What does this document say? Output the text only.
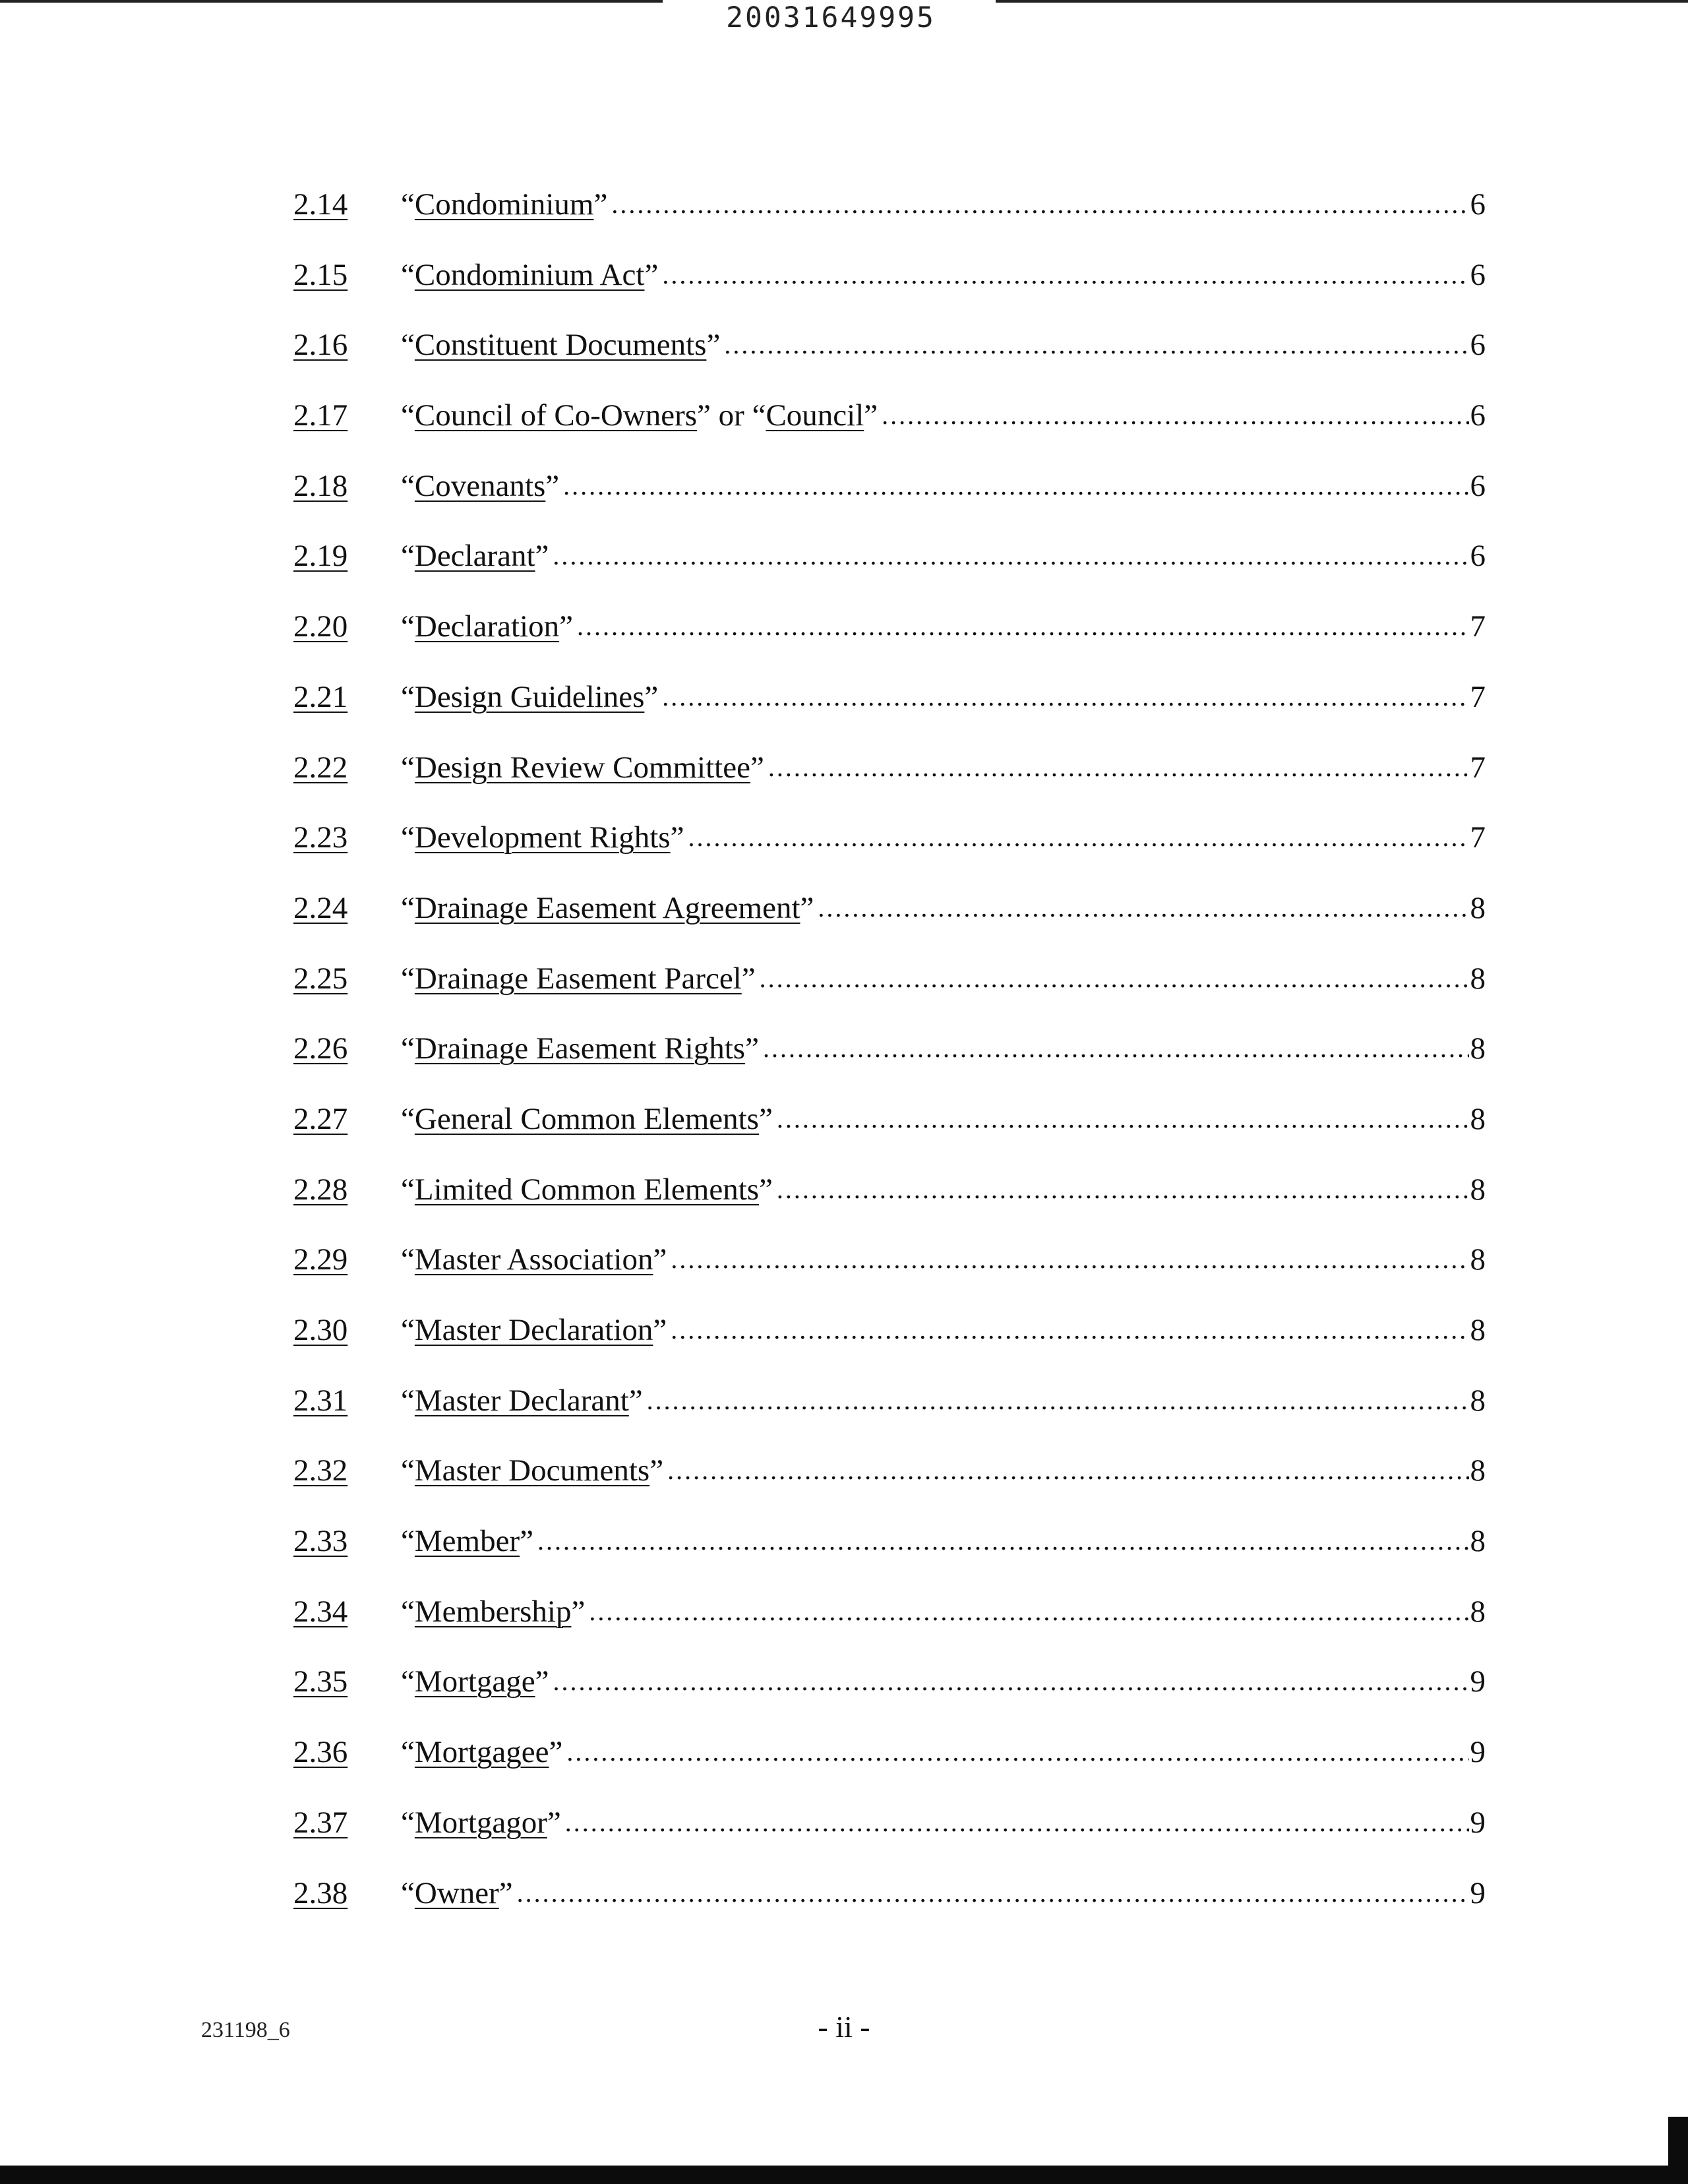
20031649995
2.14	“Condominium” .....	6
2.15	“Condominium Act” .....	6
2.16	“Constituent Documents” .....	6
2.17	“Council of Co-Owners” or “Council” .....	6
2.18	“Covenants” .....	6
2.19	“Declarant” .....	6
2.20	“Declaration” .....	7
2.21	“Design Guidelines” .....	7
2.22	“Design Review Committee” .....	7
2.23	“Development Rights” .....	7
2.24	“Drainage Easement Agreement” .....	8
2.25	“Drainage Easement Parcel” .....	8
2.26	“Drainage Easement Rights” .....	8
2.27	“General Common Elements” .....	8
2.28	“Limited Common Elements” .....	8
2.29	“Master Association” .....	8
2.30	“Master Declaration” .....	8
2.31	“Master Declarant” .....	8
2.32	“Master Documents” .....	8
2.33	“Member” .....	8
2.34	“Membership” .....	8
2.35	“Mortgage” .....	9
2.36	“Mortgagee” .....	9
2.37	“Mortgagor” .....	9
2.38	“Owner” .....	9
231198_6	- ii -
